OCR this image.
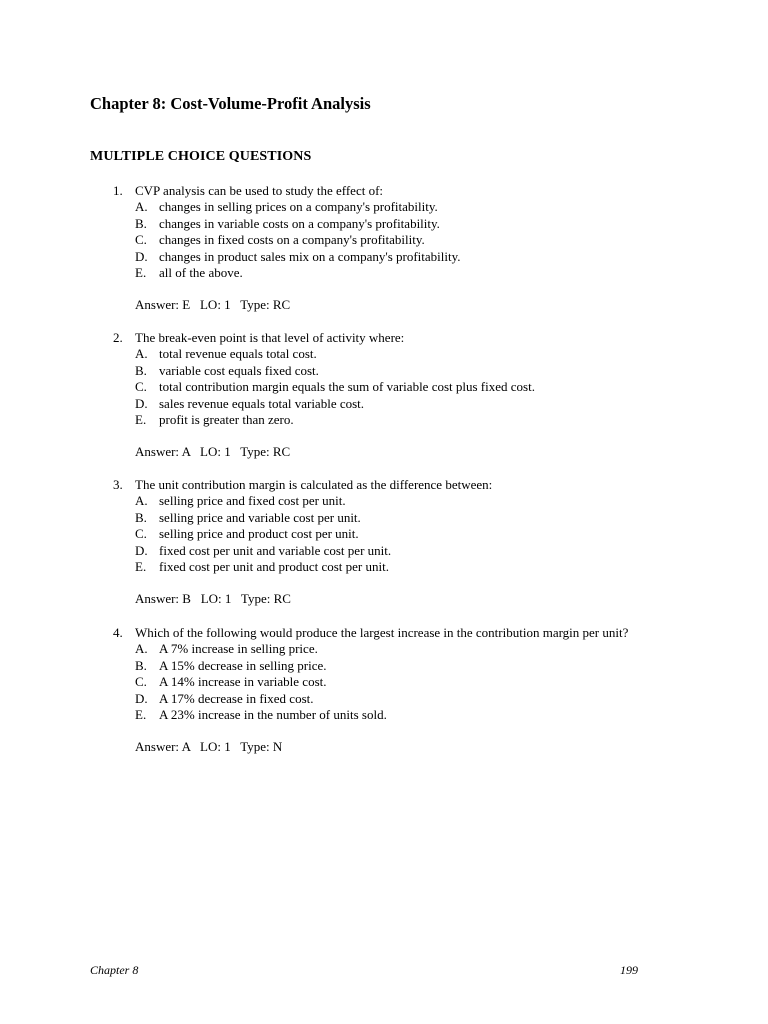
Chapter 8: Cost-Volume-Profit Analysis
MULTIPLE CHOICE QUESTIONS
1. CVP analysis can be used to study the effect of:
A. changes in selling prices on a company's profitability.
B. changes in variable costs on a company's profitability.
C. changes in fixed costs on a company's profitability.
D. changes in product sales mix on a company's profitability.
E. all of the above.
Answer: E   LO: 1   Type: RC
2. The break-even point is that level of activity where:
A. total revenue equals total cost.
B. variable cost equals fixed cost.
C. total contribution margin equals the sum of variable cost plus fixed cost.
D. sales revenue equals total variable cost.
E. profit is greater than zero.
Answer: A   LO: 1   Type: RC
3. The unit contribution margin is calculated as the difference between:
A. selling price and fixed cost per unit.
B. selling price and variable cost per unit.
C. selling price and product cost per unit.
D. fixed cost per unit and variable cost per unit.
E. fixed cost per unit and product cost per unit.
Answer: B   LO: 1   Type: RC
4. Which of the following would produce the largest increase in the contribution margin per unit?
A. A 7% increase in selling price.
B. A 15% decrease in selling price.
C. A 14% increase in variable cost.
D. A 17% decrease in fixed cost.
E. A 23% increase in the number of units sold.
Answer: A   LO: 1   Type: N
Chapter 8	199
